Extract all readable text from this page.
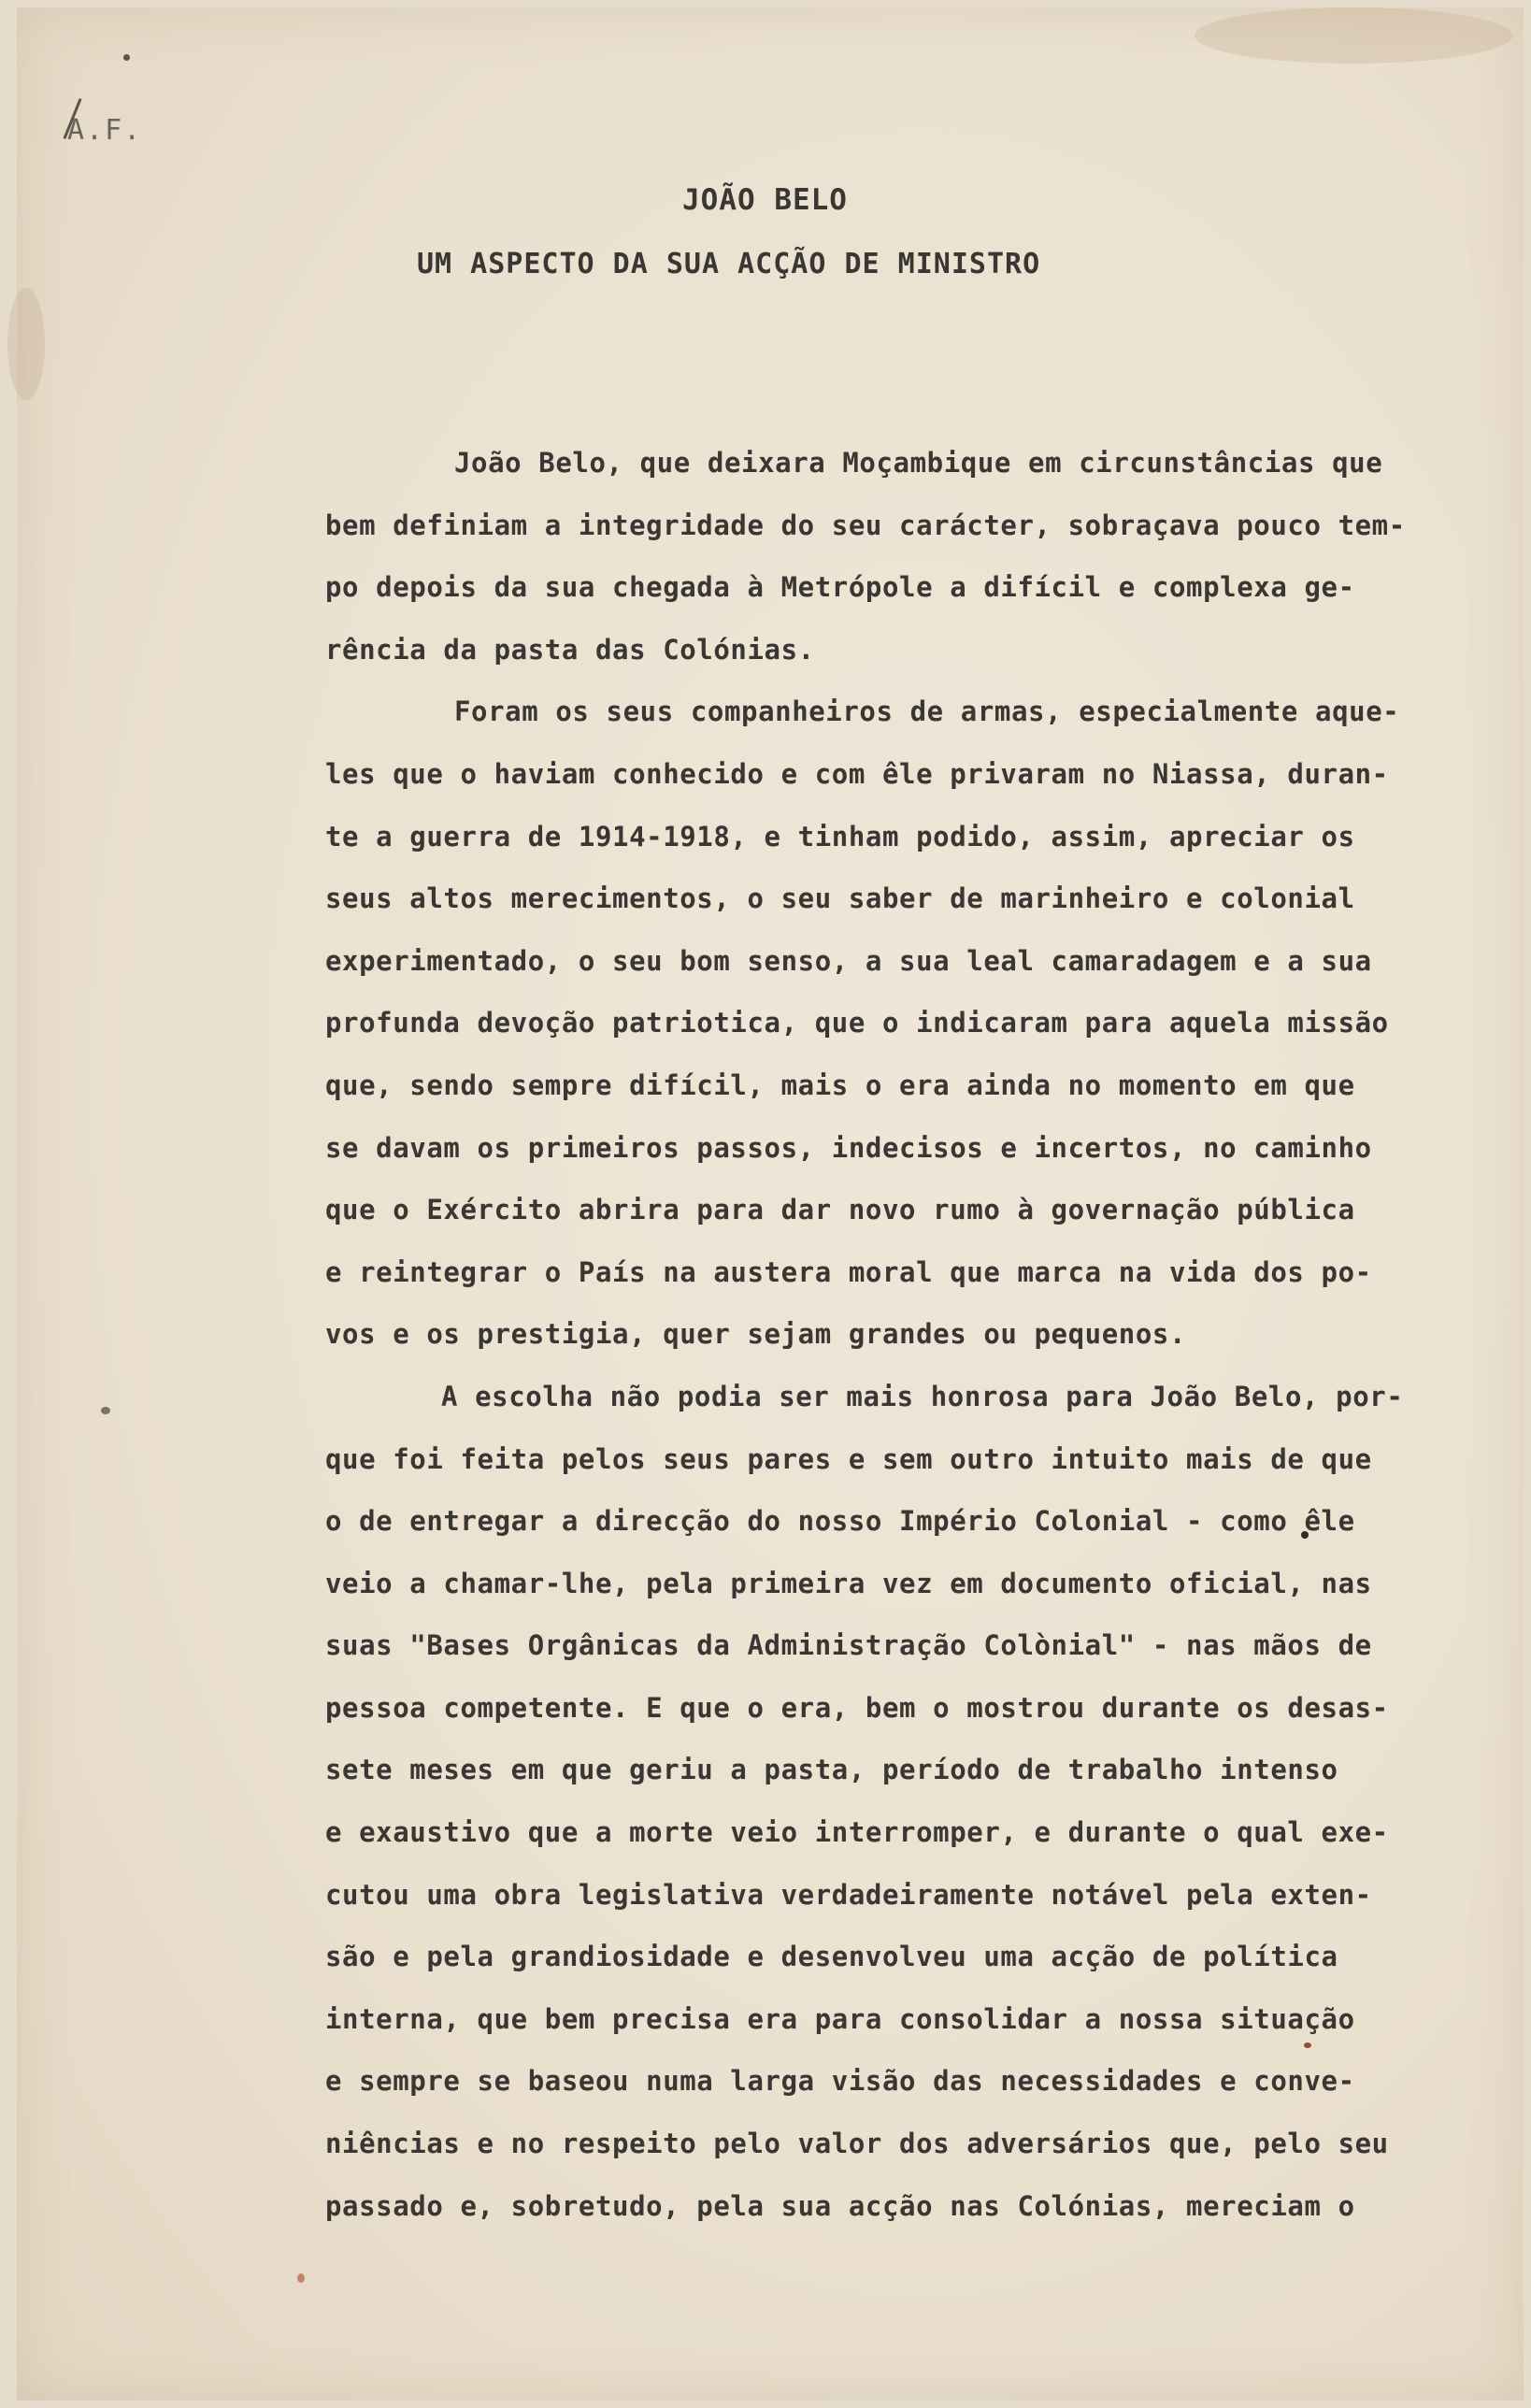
A.F.
JOÃO BELO
UM ASPECTO DA SUA ACÇÃO DE MINISTRO
João Belo, que deixara Moçambique em circunstâncias que
bem definiam a integridade do seu carácter, sobraçava pouco tem-
po depois da sua chegada à Metrópole a difícil e complexa ge-
rência da pasta das Colónias.
Foram os seus companheiros de armas, especialmente aque-
les que o haviam conhecido e com êle privaram no Niassa, duran-
te a guerra de 1914-1918, e tinham podido, assim, apreciar os
seus altos merecimentos, o seu saber de marinheiro e colonial
experimentado, o seu bom senso, a sua leal camaradagem e a sua
profunda devoção patriotica, que o indicaram para aquela missão
que, sendo sempre difícil, mais o era ainda no momento em que
se davam os primeiros passos, indecisos e incertos, no caminho
que o Exército abrira para dar novo rumo à governação pública
e reintegrar o País na austera moral que marca na vida dos po-
vos e os prestigia, quer sejam grandes ou pequenos.
A escolha não podia ser mais honrosa para João Belo, por-
que foi feita pelos seus pares e sem outro intuito mais de que
o de entregar a direcção do nosso Império Colonial - como êle
veio a chamar-lhe, pela primeira vez em documento oficial, nas
suas "Bases Orgânicas da Administração Colònial" - nas mãos de
pessoa competente. E que o era, bem o mostrou durante os desas-
sete meses em que geriu a pasta, período de trabalho intenso
e exaustivo que a morte veio interromper, e durante o qual exe-
cutou uma obra legislativa verdadeiramente notável pela exten-
são e pela grandiosidade e desenvolveu uma acção de política
interna, que bem precisa era para consolidar a nossa situação
e sempre se baseou numa larga visão das necessidades e conve-
niências e no respeito pelo valor dos adversários que, pelo seu
passado e, sobretudo, pela sua acção nas Colónias, mereciam o
